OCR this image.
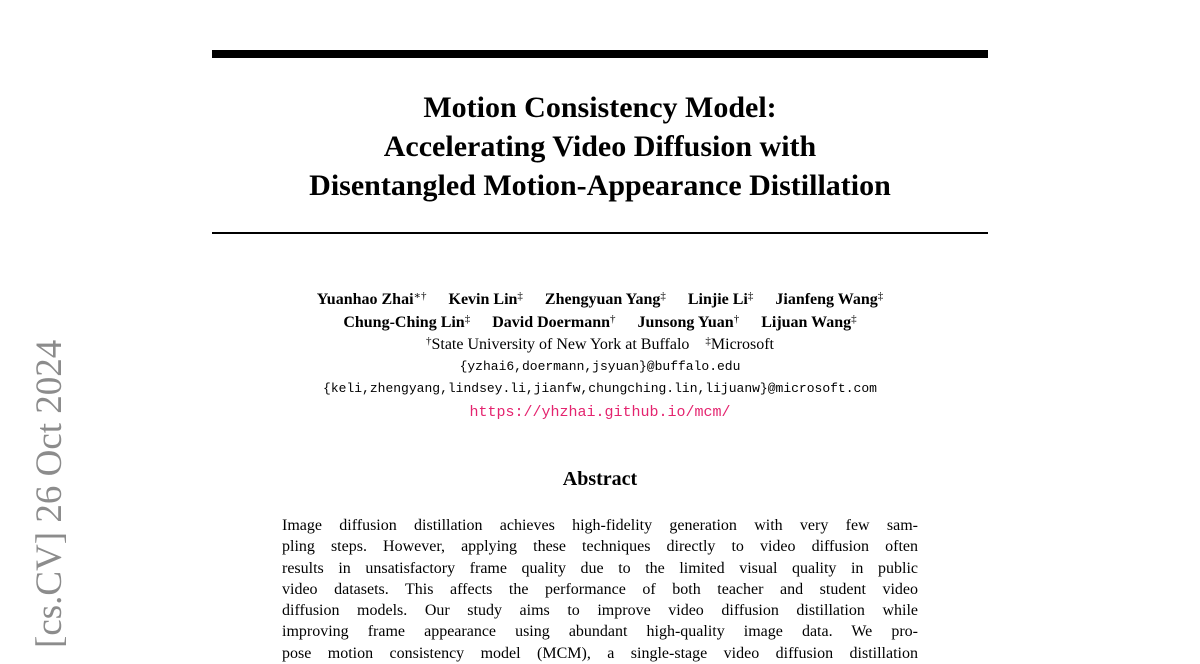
[cs.CV] 26 Oct 2024
Motion Consistency Model:
Accelerating Video Diffusion with
Disentangled Motion-Appearance Distillation
Yuanhao Zhai∗† Kevin Lin‡ Zhengyuan Yang‡ Linjie Li‡ Jianfeng Wang‡
Chung-Ching Lin‡ David Doermann† Junsong Yuan† Lijuan Wang‡
†State University of New York at Buffalo ‡Microsoft
{yzhai6,doermann,jsyuan}@buffalo.edu
{keli,zhengyang,lindsey.li,jianfw,chungching.lin,lijuanw}@microsoft.com
https://yhzhai.github.io/mcm/
Abstract
Image diffusion distillation achieves high-fidelity generation with very few sam-
pling steps. However, applying these techniques directly to video diffusion often
results in unsatisfactory frame quality due to the limited visual quality in public
video datasets. This affects the performance of both teacher and student video
diffusion models. Our study aims to improve video diffusion distillation while
improving frame appearance using abundant high-quality image data. We pro-
pose motion consistency model (MCM), a single-stage video diffusion distillation
